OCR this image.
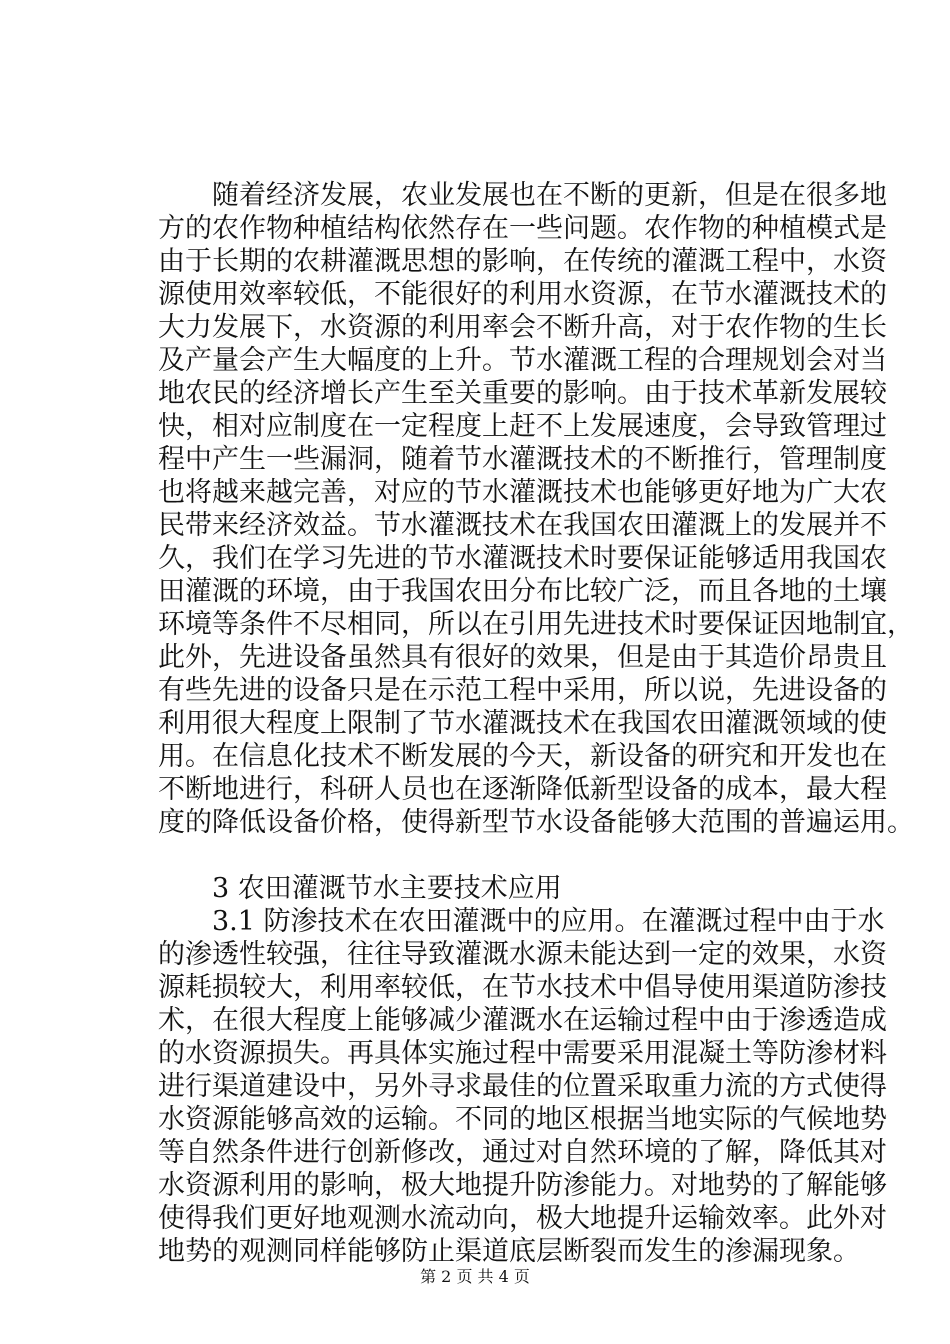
　　随着经济发展，农业发展也在不断的更新，但是在很多地
方的农作物种植结构依然存在一些问题。农作物的种植模式是
由于长期的农耕灌溉思想的影响，在传统的灌溉工程中，水资
源使用效率较低，不能很好的利用水资源，在节水灌溉技术的
大力发展下，水资源的利用率会不断升高，对于农作物的生长
及产量会产生大幅度的上升。节水灌溉工程的合理规划会对当
地农民的经济增长产生至关重要的影响。由于技术革新发展较
快，相对应制度在一定程度上赶不上发展速度，会导致管理过
程中产生一些漏洞，随着节水灌溉技术的不断推行，管理制度
也将越来越完善，对应的节水灌溉技术也能够更好地为广大农
民带来经济效益。节水灌溉技术在我国农田灌溉上的发展并不
久，我们在学习先进的节水灌溉技术时要保证能够适用我国农
田灌溉的环境，由于我国农田分布比较广泛，而且各地的土壤
环境等条件不尽相同，所以在引用先进技术时要保证因地制宜，
此外，先进设备虽然具有很好的效果，但是由于其造价昂贵且
有些先进的设备只是在示范工程中采用，所以说，先进设备的
利用很大程度上限制了节水灌溉技术在我国农田灌溉领域的使
用。在信息化技术不断发展的今天，新设备的研究和开发也在
不断地进行，科研人员也在逐渐降低新型设备的成本，最大程
度的降低设备价格，使得新型节水设备能够大范围的普遍运用。
　　3 农田灌溉节水主要技术应用
　　3.1 防渗技术在农田灌溉中的应用。在灌溉过程中由于水
的渗透性较强，往往导致灌溉水源未能达到一定的效果，水资
源耗损较大，利用率较低，在节水技术中倡导使用渠道防渗技
术，在很大程度上能够减少灌溉水在运输过程中由于渗透造成
的水资源损失。再具体实施过程中需要采用混凝土等防渗材料
进行渠道建设中，另外寻求最佳的位置采取重力流的方式使得
水资源能够高效的运输。不同的地区根据当地实际的气候地势
等自然条件进行创新修改，通过对自然环境的了解，降低其对
水资源利用的影响，极大地提升防渗能力。对地势的了解能够
使得我们更好地观测水流动向，极大地提升运输效率。此外对
地势的观测同样能够防止渠道底层断裂而发生的渗漏现象。
第 2 页 共 4 页
